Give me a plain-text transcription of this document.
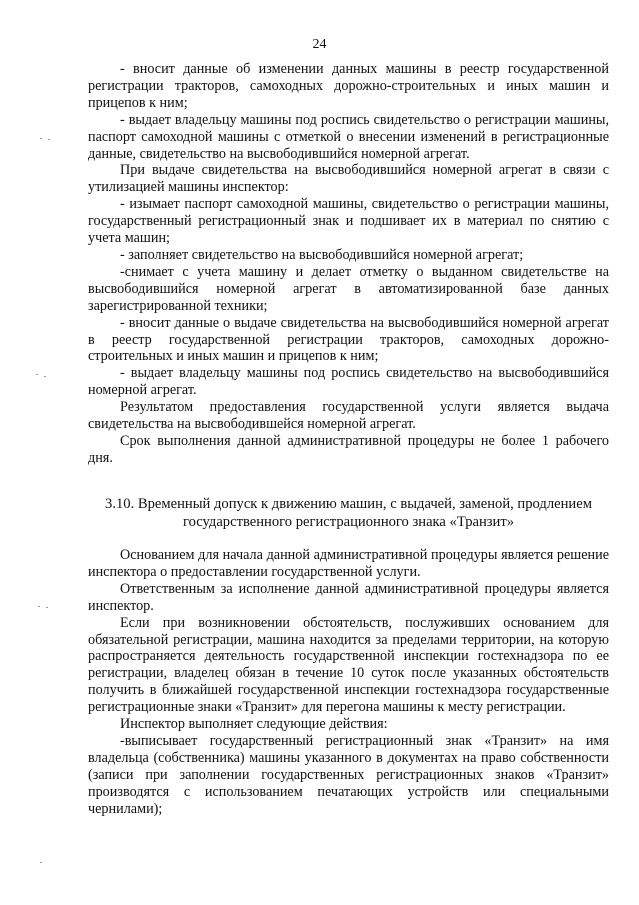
24

- вносит данные об изменении данных машины в реестр государственной регистрации тракторов, самоходных дорожно-строительных и иных машин и прицепов к ним;

- выдает владельцу машины под роспись свидетельство о регистрации машины, паспорт самоходной машины с отметкой о внесении изменений в регистрационные данные, свидетельство на высвободившийся номерной агрегат.

При выдаче свидетельства на высвободившийся номерной агрегат в связи с утилизацией машины инспектор:

- изымает паспорт самоходной машины, свидетельство о регистрации машины, государственный регистрационный знак и подшивает их в материал по снятию с учета машин;

- заполняет свидетельство на высвободившийся номерной агрегат;

-снимает с учета машину и делает отметку о выданном свидетельстве на высвободившийся номерной агрегат в автоматизированной базе данных зарегистрированной техники;

- вносит данные о выдаче свидетельства на высвободившийся номерной агрегат в реестр государственной регистрации тракторов, самоходных дорожно-строительных и иных машин и прицепов к ним;

- выдает владельцу машины под роспись свидетельство на высвободившийся номерной агрегат.

Результатом предоставления государственной услуги является выдача свидетельства на высвободившейся номерной агрегат.

Срок выполнения данной административной процедуры не более 1 рабочего дня.

3.10. Временный допуск к движению машин, с выдачей, заменой, продлением
государственного регистрационного знака «Транзит»

Основанием для начала данной административной процедуры является решение инспектора о предоставлении государственной услуги.

Ответственным за исполнение данной административной процедуры является инспектор.

Если при возникновении обстоятельств, послуживших основанием для обязательной регистрации, машина находится за пределами территории, на которую распространяется деятельность государственной инспекции гостехнадзора по ее регистрации, владелец обязан в течение 10 суток после указанных обстоятельств получить в ближайшей государственной инспекции гостехнадзора государственные регистрационные знаки «Транзит» для перегона машины к месту регистрации.

Инспектор выполняет следующие действия:

-выписывает государственный регистрационный знак «Транзит» на имя владельца (собственника) машины указанного в документах на право собственности (записи при заполнении государственных регистрационных знаков «Транзит» производятся с использованием печатающих устройств или специальными чернилами);
